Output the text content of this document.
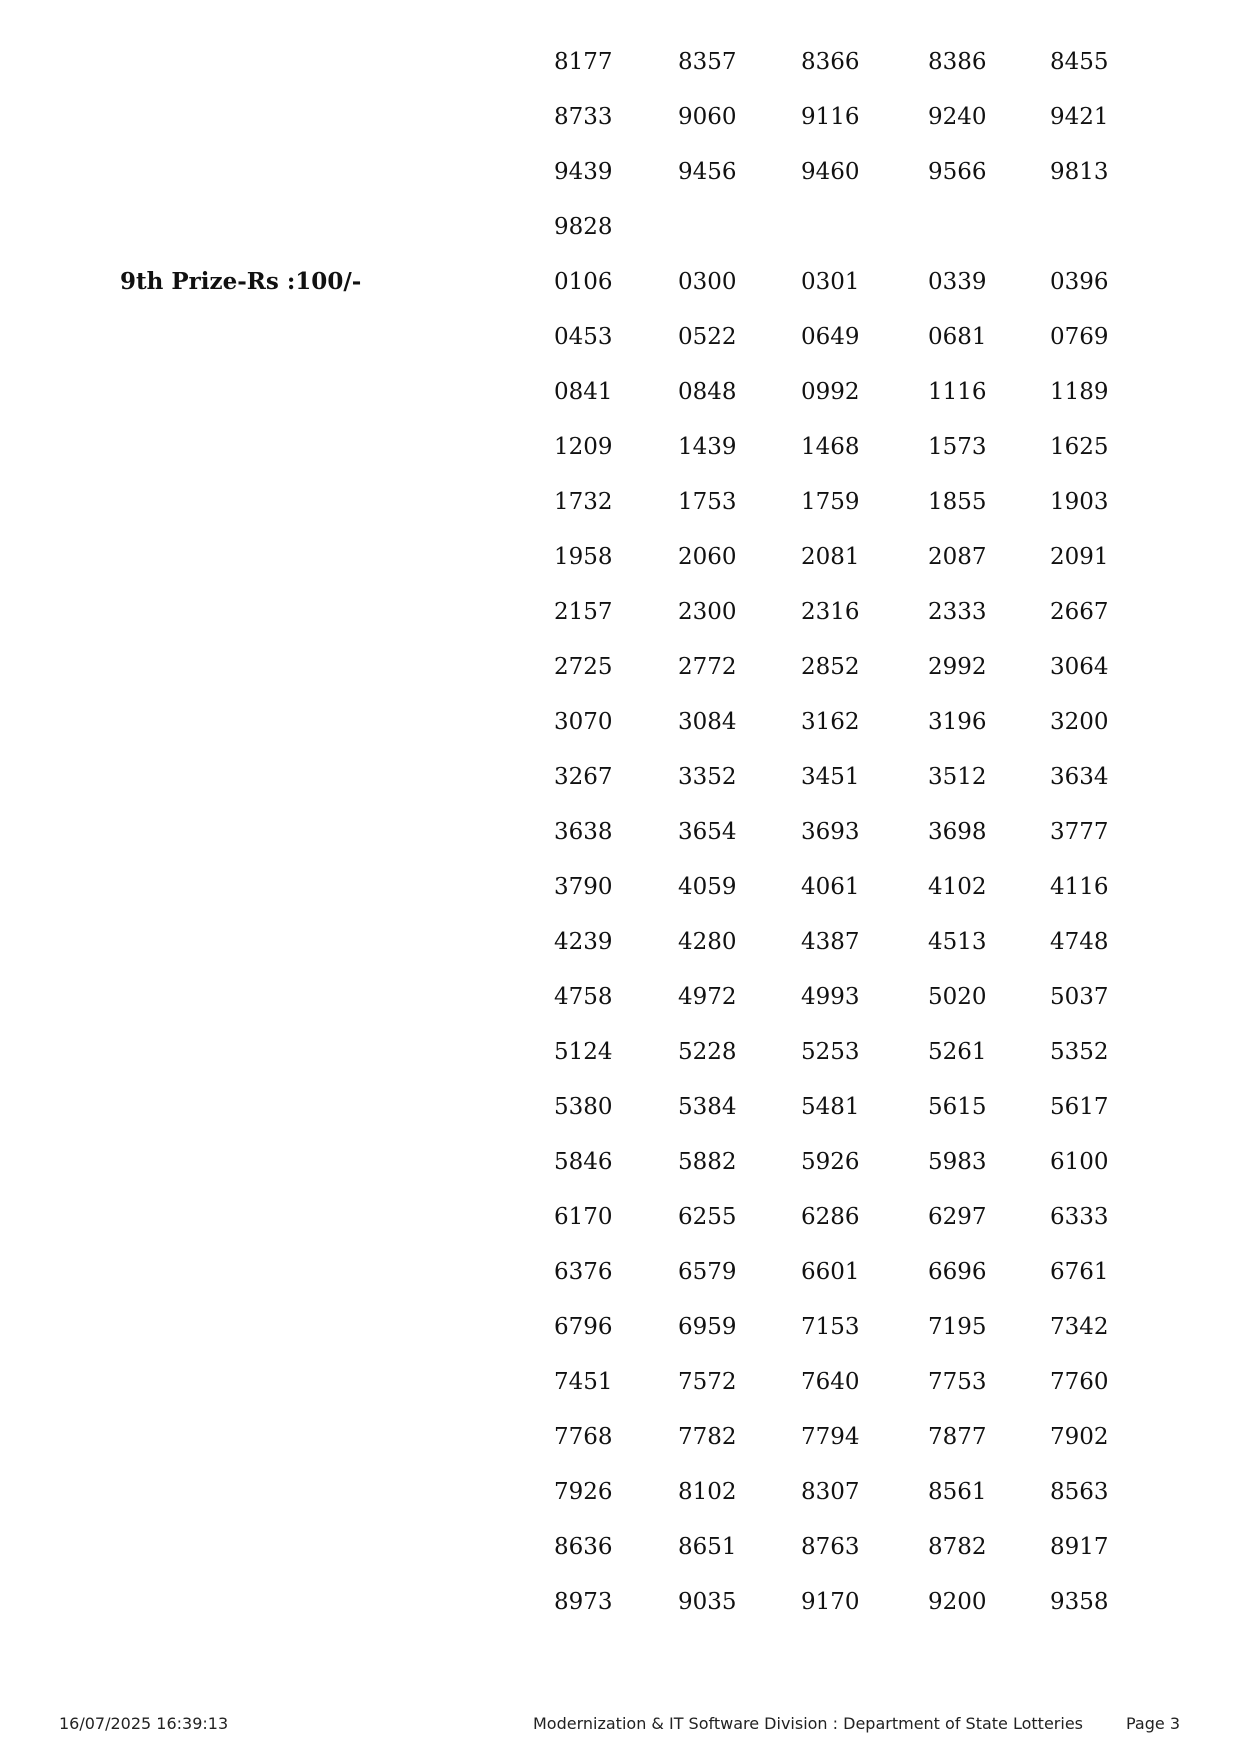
8177	8357	8366	8386	8455
8733	9060	9116	9240	9421
9439	9456	9460	9566	9813
9828
9th Prize-Rs :100/-	0106	0300	0301	0339	0396
0453	0522	0649	0681	0769
0841	0848	0992	1116	1189
1209	1439	1468	1573	1625
1732	1753	1759	1855	1903
1958	2060	2081	2087	2091
2157	2300	2316	2333	2667
2725	2772	2852	2992	3064
3070	3084	3162	3196	3200
3267	3352	3451	3512	3634
3638	3654	3693	3698	3777
3790	4059	4061	4102	4116
4239	4280	4387	4513	4748
4758	4972	4993	5020	5037
5124	5228	5253	5261	5352
5380	5384	5481	5615	5617
5846	5882	5926	5983	6100
6170	6255	6286	6297	6333
6376	6579	6601	6696	6761
6796	6959	7153	7195	7342
7451	7572	7640	7753	7760
7768	7782	7794	7877	7902
7926	8102	8307	8561	8563
8636	8651	8763	8782	8917
8973	9035	9170	9200	9358
16/07/2025 16:39:13	Modernization & IT Software Division : Department of State Lotteries	Page 3
